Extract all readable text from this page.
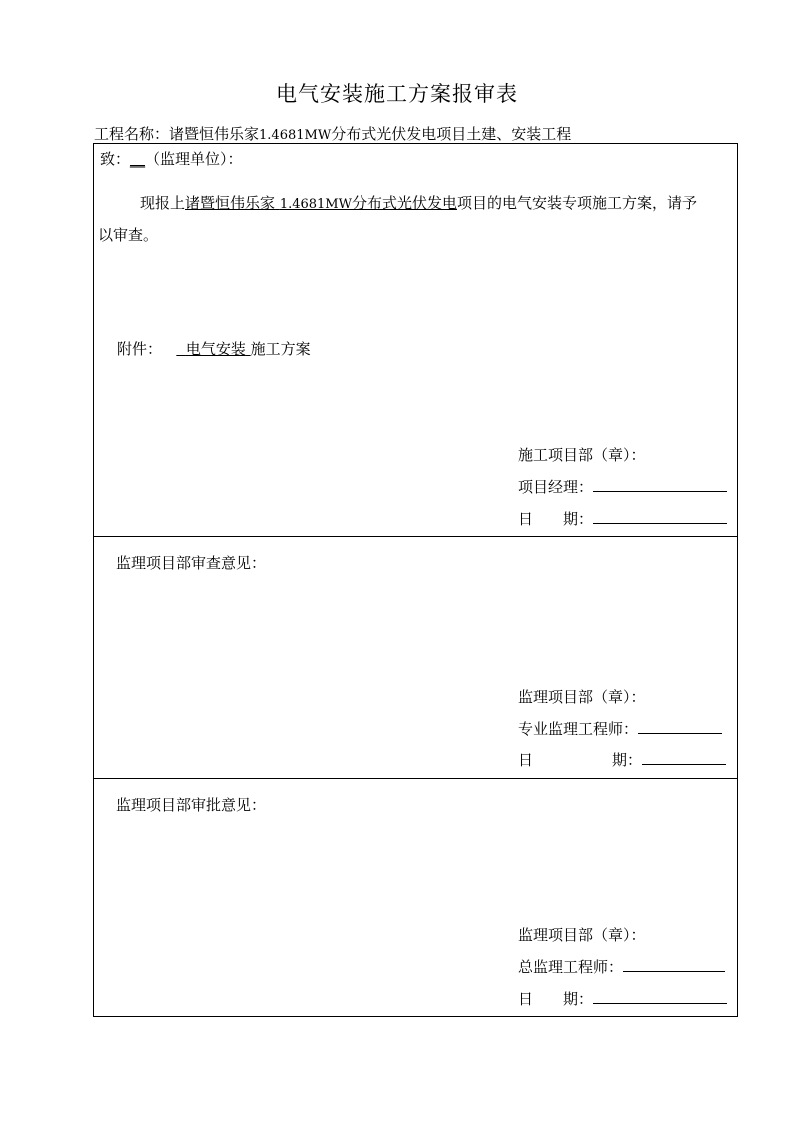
电气安装施工方案报审表
工程名称：诸暨恒伟乐家1.4681MW分布式光伏发电项目土建、安装工程
致：__（监理单位）：
现报上诸暨恒伟乐家 1.4681MW分布式光伏发电项目的电气安装专项施工方案，请予
以审查。
附件： 电气安装 施工方案
施工项目部（章）：
项目经理：
日　　期：
监理项目部审查意见：
监理项目部（章）：
专业监理工程师：
日	期：
监理项目部审批意见：
监理项目部（章）：
总监理工程师：
日　　期：
